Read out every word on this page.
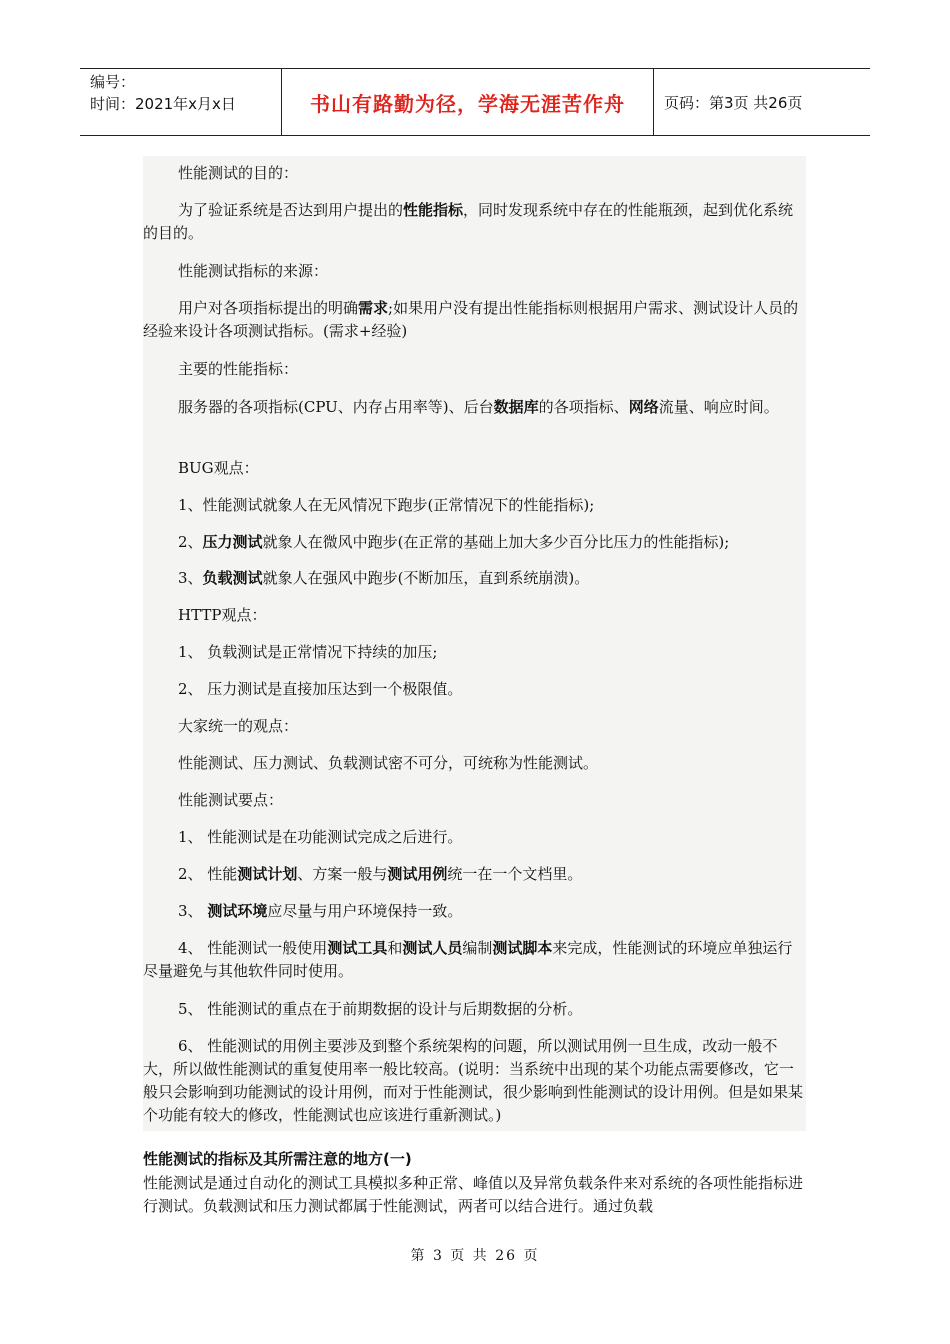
编号：
时间：2021年x月x日	书山有路勤为径，学海无涯苦作舟	页码：第3页 共26页

性能测试的目的：

为了验证系统是否达到用户提出的性能指标，同时发现系统中存在的性能瓶颈，起到优化系统的目的。

性能测试指标的来源：

用户对各项指标提出的明确需求;如果用户没有提出性能指标则根据用户需求、测试设计人员的经验来设计各项测试指标。(需求+经验)

主要的性能指标：

服务器的各项指标(CPU、内存占用率等)、后台数据库的各项指标、网络流量、响应时间。

BUG观点：

1、性能测试就象人在无风情况下跑步(正常情况下的性能指标);

2、压力测试就象人在微风中跑步(在正常的基础上加大多少百分比压力的性能指标);

3、负载测试就象人在强风中跑步(不断加压，直到系统崩溃)。

HTTP观点：

1、 负载测试是正常情况下持续的加压;

2、 压力测试是直接加压达到一个极限值。

大家统一的观点：

性能测试、压力测试、负载测试密不可分，可统称为性能测试。

性能测试要点：

1、 性能测试是在功能测试完成之后进行。

2、 性能测试计划、方案一般与测试用例统一在一个文档里。

3、 测试环境应尽量与用户环境保持一致。

4、 性能测试一般使用测试工具和测试人员编制测试脚本来完成，性能测试的环境应单独运行尽量避免与其他软件同时使用。

5、 性能测试的重点在于前期数据的设计与后期数据的分析。

6、 性能测试的用例主要涉及到整个系统架构的问题，所以测试用例一旦生成，改动一般不大，所以做性能测试的重复使用率一般比较高。(说明：当系统中出现的某个功能点需要修改，它一般只会影响到功能测试的设计用例，而对于性能测试，很少影响到性能测试的设计用例。但是如果某个功能有较大的修改，性能测试也应该进行重新测试。)

性能测试的指标及其所需注意的地方(一)

性能测试是通过自动化的测试工具模拟多种正常、峰值以及异常负载条件来对系统的各项性能指标进行测试。负载测试和压力测试都属于性能测试，两者可以结合进行。通过负载

第 3 页 共 26 页
